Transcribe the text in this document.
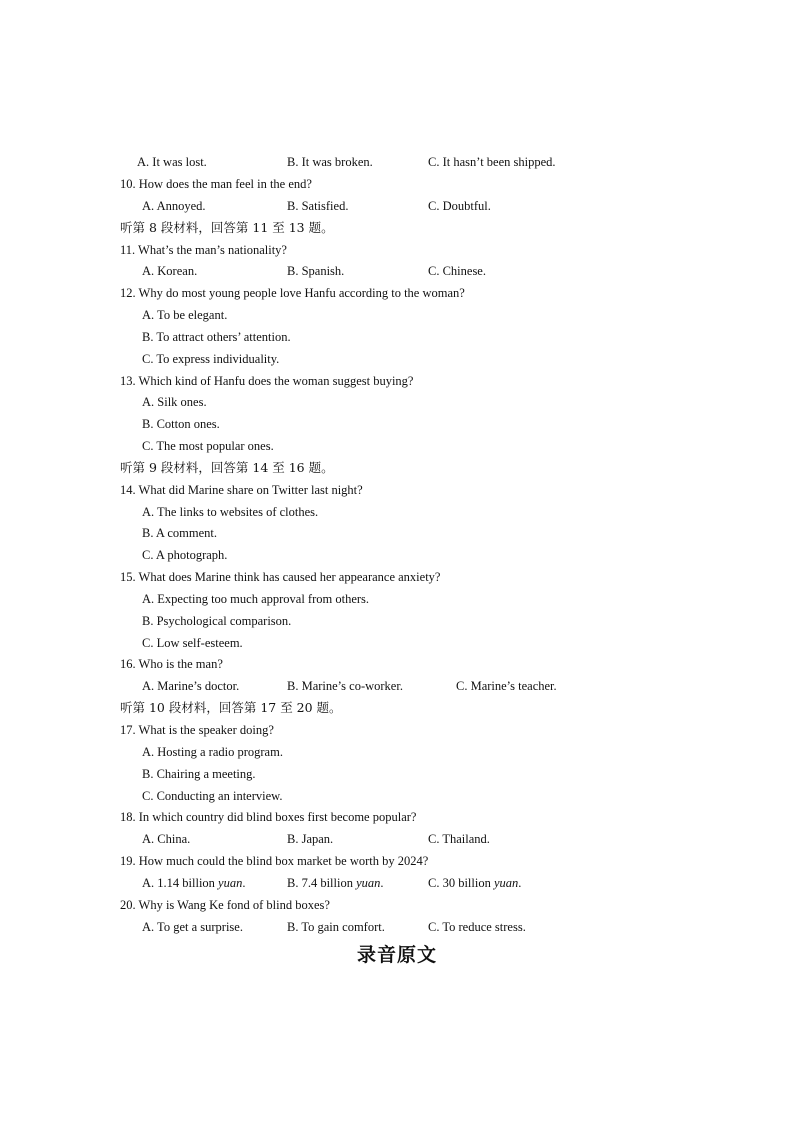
A. It was lost.	B. It was broken.	C. It hasn’t been shipped.
10. How does the man feel in the end?
A. Annoyed.	B. Satisfied.	C. Doubtful.
听第 8 段材料，回答第 11 至 13 题。
11. What’s the man’s nationality?
A. Korean.	B. Spanish.	C. Chinese.
12. Why do most young people love Hanfu according to the woman?
A. To be elegant.
B. To attract others’ attention.
C. To express individuality.
13. Which kind of Hanfu does the woman suggest buying?
A. Silk ones.
B. Cotton ones.
C. The most popular ones.
听第 9 段材料，回答第 14 至 16 题。
14. What did Marine share on Twitter last night?
A. The links to websites of clothes.
B. A comment.
C. A photograph.
15. What does Marine think has caused her appearance anxiety?
A. Expecting too much approval from others.
B. Psychological comparison.
C. Low self-esteem.
16. Who is the man?
A. Marine’s doctor.	B. Marine’s co-worker.	C. Marine’s teacher.
听第 10 段材料，回答第 17 至 20 题。
17. What is the speaker doing?
A. Hosting a radio program.
B. Chairing a meeting.
C. Conducting an interview.
18. In which country did blind boxes first become popular?
A. China.	B. Japan.	C. Thailand.
19. How much could the blind box market be worth by 2024?
A. 1.14 billion yuan.	B. 7.4 billion yuan.	C. 30 billion yuan.
20. Why is Wang Ke fond of blind boxes?
A. To get a surprise.	B. To gain comfort.	C. To reduce stress.
录音原文
